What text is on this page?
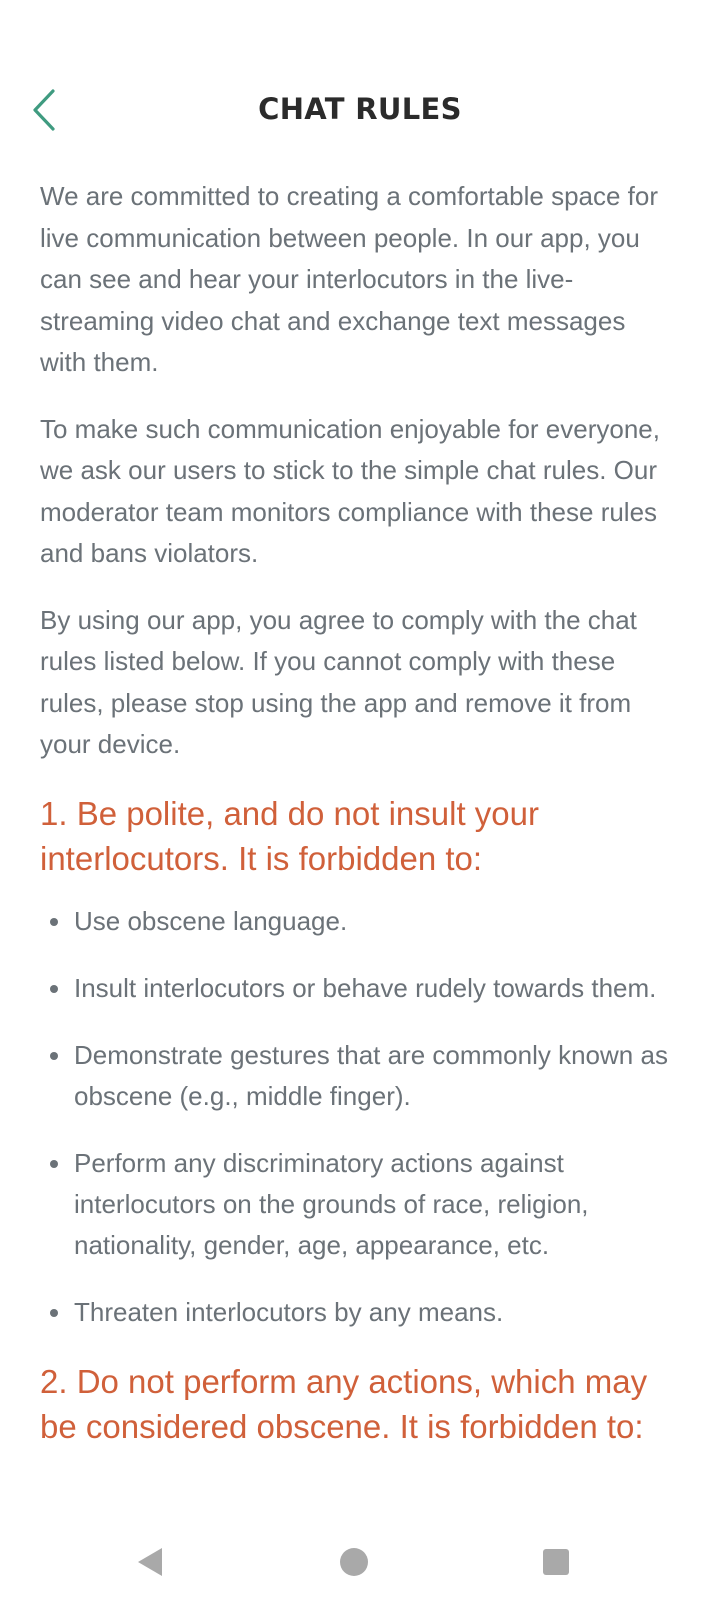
CHAT RULES

We are committed to creating a comfortable space for live communication between people. In our app, you can see and hear your interlocutors in the live-streaming video chat and exchange text messages with them.

To make such communication enjoyable for everyone, we ask our users to stick to the simple chat rules. Our moderator team monitors compliance with these rules and bans violators.

By using our app, you agree to comply with the chat rules listed below. If you cannot comply with these rules, please stop using the app and remove it from your device.

1. Be polite, and do not insult your interlocutors. It is forbidden to:
Use obscene language.
Insult interlocutors or behave rudely towards them.
Demonstrate gestures that are commonly known as obscene (e.g., middle finger).
Perform any discriminatory actions against interlocutors on the grounds of race, religion, nationality, gender, age, appearance, etc.
Threaten interlocutors by any means.
2. Do not perform any actions, which may be considered obscene. It is forbidden to:
